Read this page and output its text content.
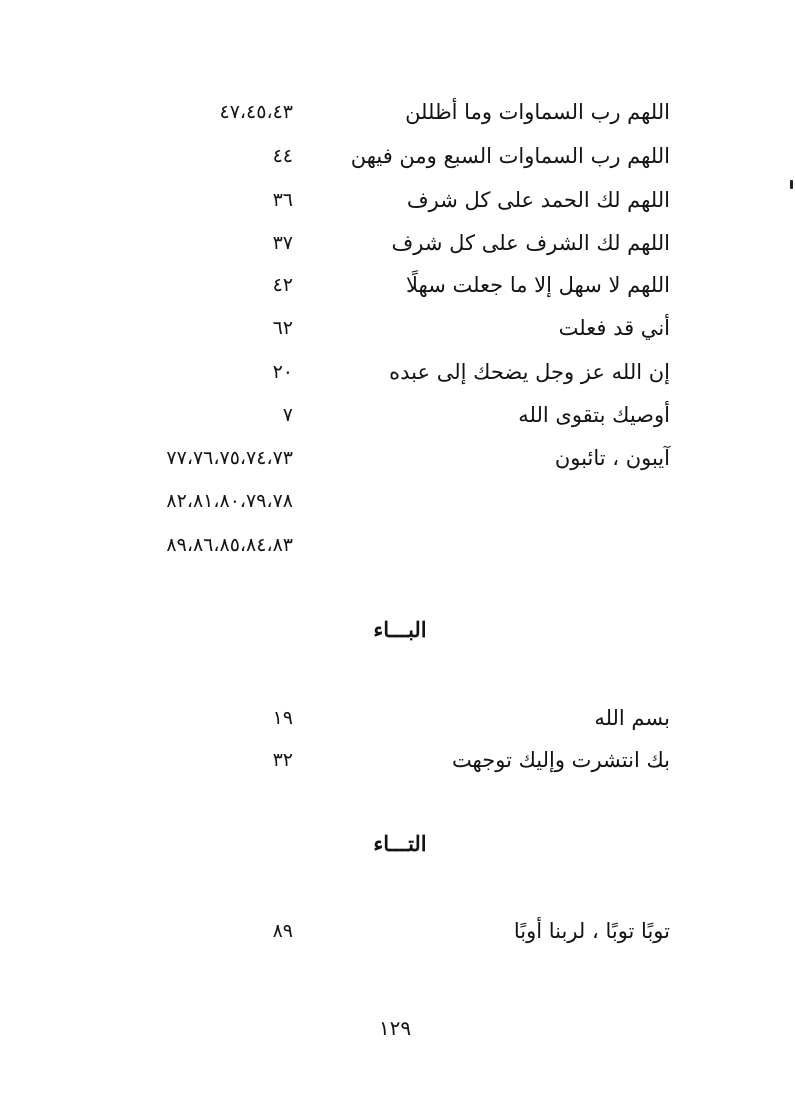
اللهم رب السماوات وما أظللن
٤٧،٤٥،٤٣
اللهم رب السماوات السبع ومن فيهن
٤٤
اللهم لك الحمد على كل شرف
٣٦
اللهم لك الشرف على كل شرف
٣٧
اللهم لا سهل إلا ما جعلت سهلًا
٤٢
أني قد فعلت
٦٢
إن الله عز وجل يضحك إلى عبده
٢٠
أوصيك بتقوى الله
٧
آيبون ، تائبون
٧٧،٧٦،٧٥،٧٤،٧٣
٨٢،٨١،٨٠،٧٩،٧٨
٨٩،٨٦،٨٥،٨٤،٨٣
البـــاء
بسم الله
١٩
بك انتشرت وإليك توجهت
٣٢
التـــاء
توبًا توبًا ، لربنا أوبًا
٨٩
١٢٩
